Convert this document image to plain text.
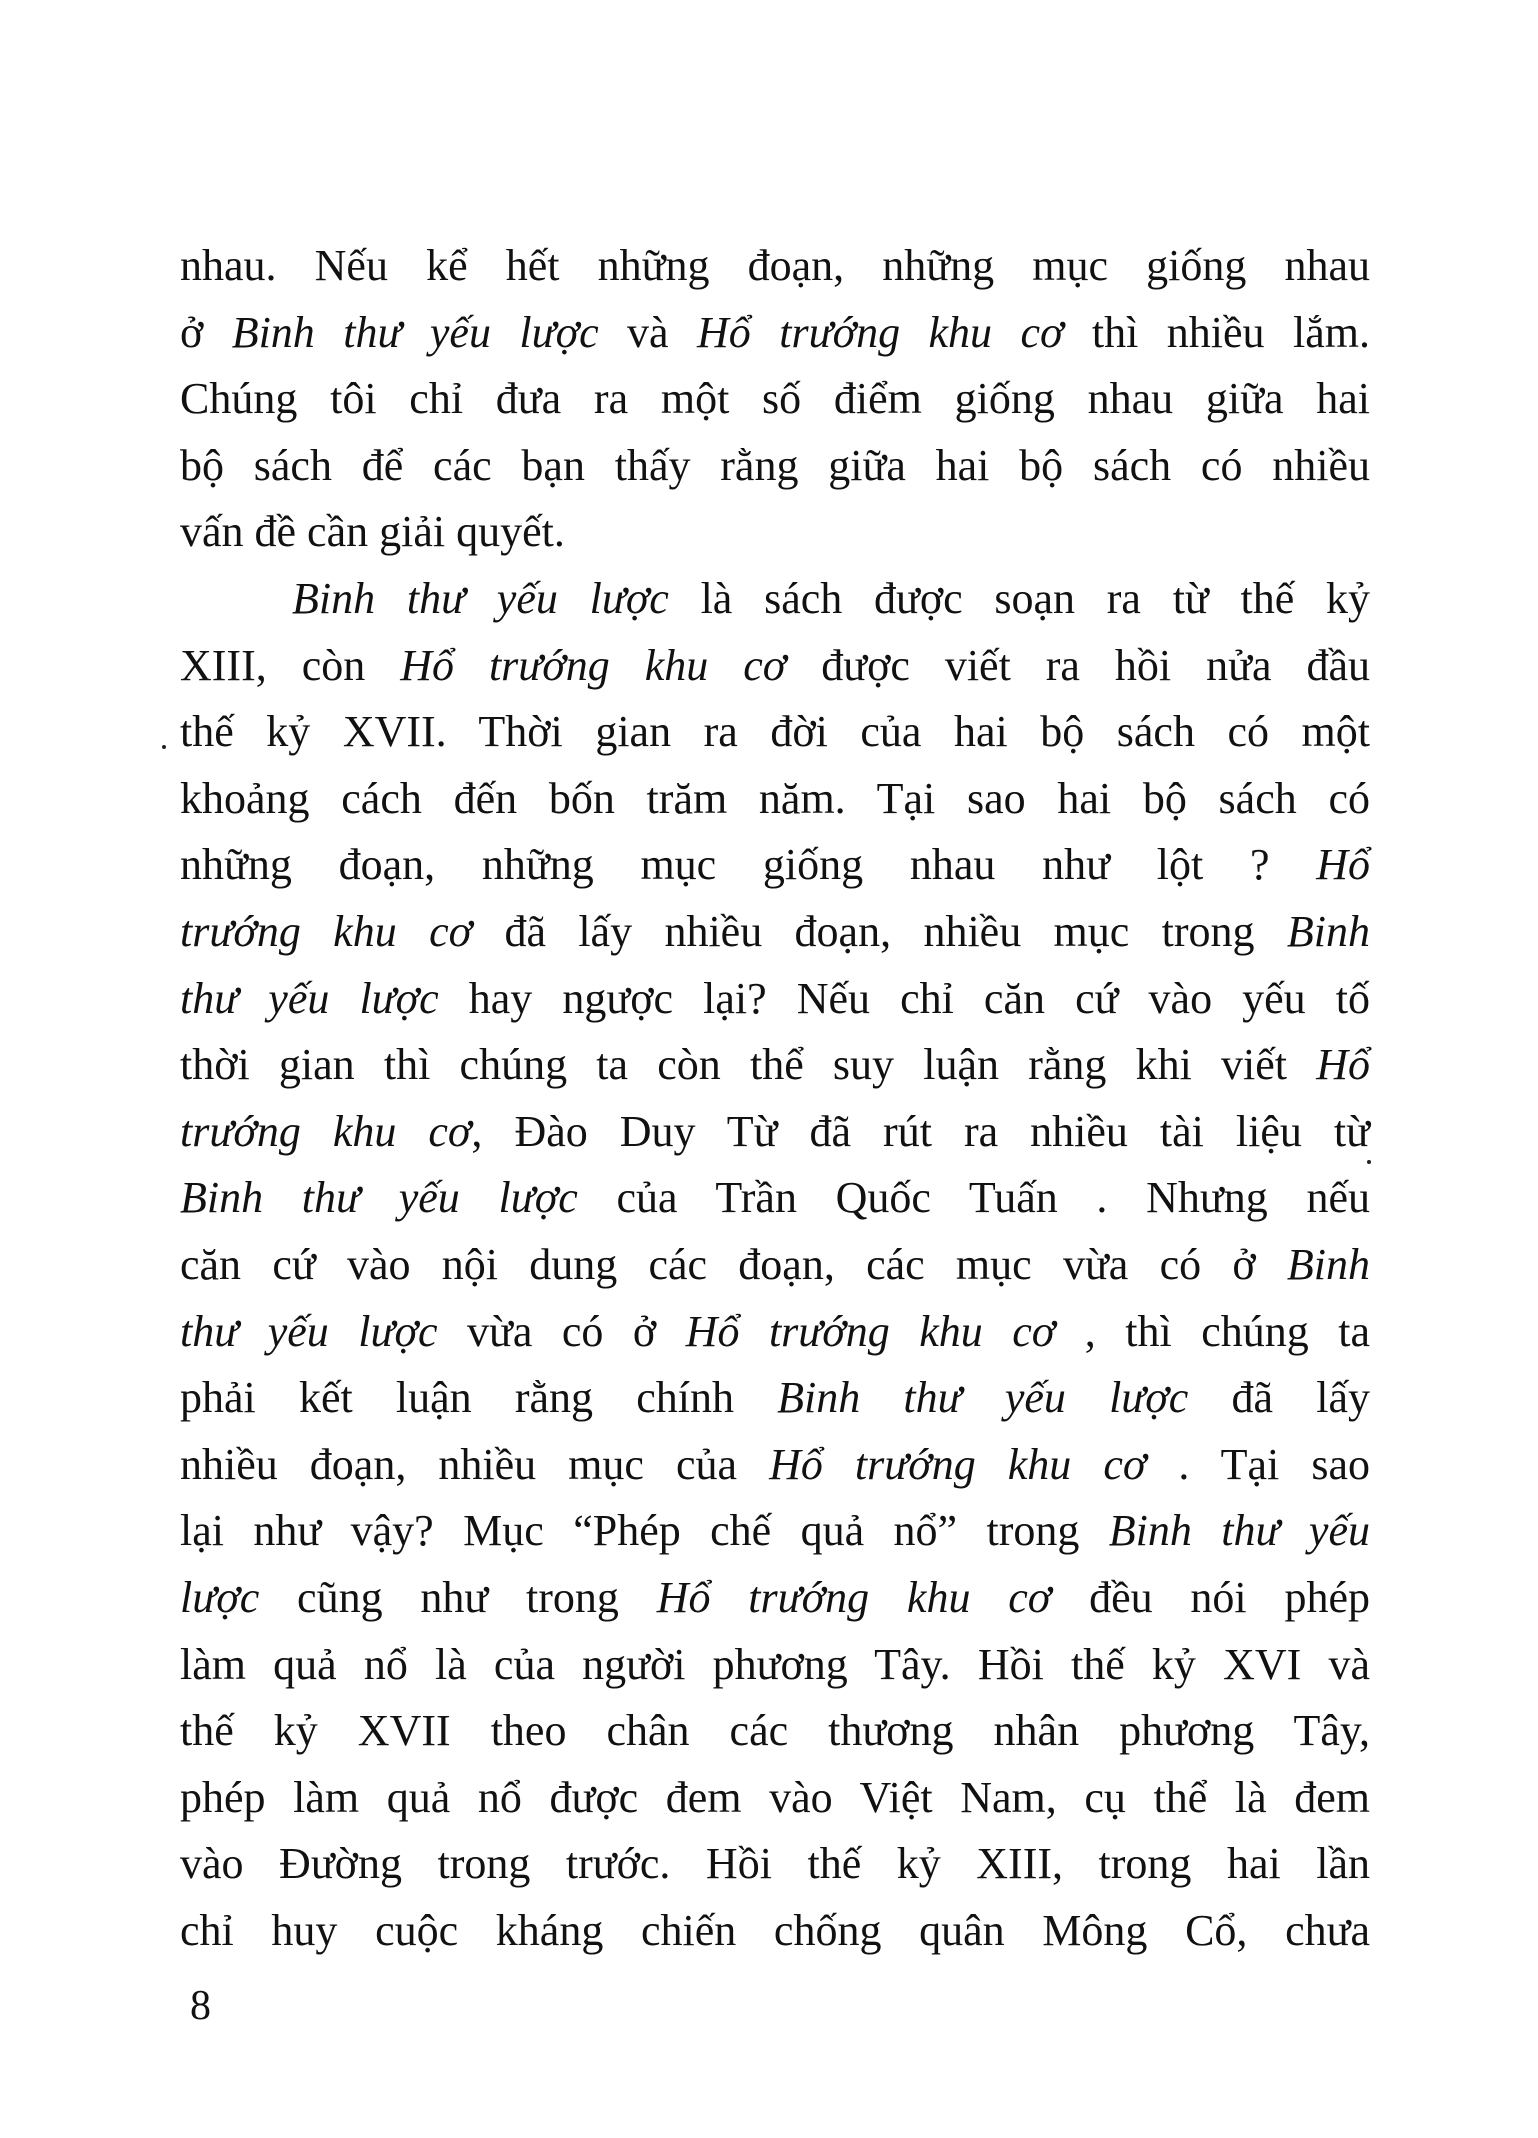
nhau. Nếu kể hết những đoạn, những mục giống nhau
ở Binh thư yếu lược và Hổ trướng khu cơ thì nhiều lắm.
Chúng tôi chỉ đưa ra một số điểm giống nhau giữa hai
bộ sách để các bạn thấy rằng giữa hai bộ sách có nhiều
vấn đề cần giải quyết.
Binh thư yếu lược là sách được soạn ra từ thế kỷ
XIII, còn Hổ trướng khu cơ được viết ra hồi nửa đầu
thế kỷ XVII. Thời gian ra đời của hai bộ sách có một
khoảng cách đến bốn trăm năm. Tại sao hai bộ sách có
những đoạn, những mục giống nhau như lột ? Hổ
trướng khu cơ đã lấy nhiều đoạn, nhiều mục trong Binh
thư yếu lược hay ngược lại? Nếu chỉ căn cứ vào yếu tố
thời gian thì chúng ta còn thể suy luận rằng khi viết Hổ
trướng khu cơ, Đào Duy Từ đã rút ra nhiều tài liệu từ
Binh thư yếu lược của Trần Quốc Tuấn . Nhưng nếu
căn cứ vào nội dung các đoạn, các mục vừa có ở Binh
thư yếu lược vừa có ở Hổ trướng khu cơ , thì chúng ta
phải kết luận rằng chính Binh thư yếu lược đã lấy
nhiều đoạn, nhiều mục của Hổ trướng khu cơ . Tại sao
lại như vậy? Mục “Phép chế quả nổ” trong Binh thư yếu
lược cũng như trong Hổ trướng khu cơ đều nói phép
làm quả nổ là của người phương Tây. Hồi thế kỷ XVI và
thế kỷ XVII theo chân các thương nhân phương Tây,
phép làm quả nổ được đem vào Việt Nam, cụ thể là đem
vào Đường trong trước. Hồi thế kỷ XIII, trong hai lần
chỉ huy cuộc kháng chiến chống quân Mông Cổ, chưa
8
